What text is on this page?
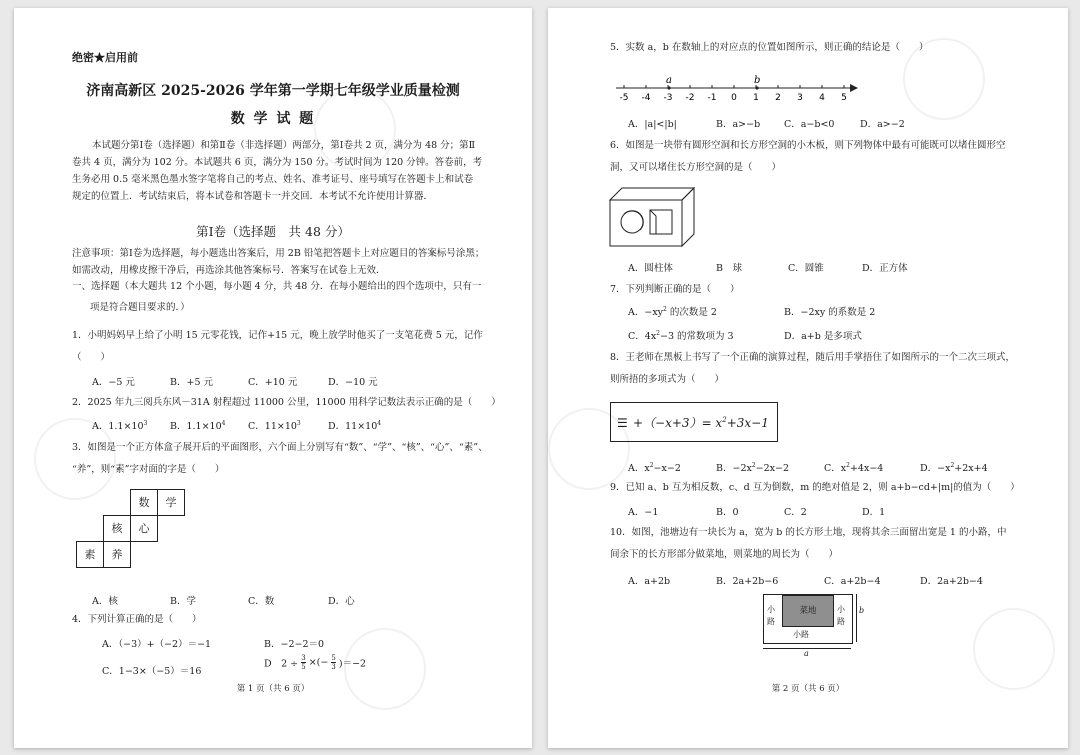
绝密★启用前
济南高新区 2025-2026 学年第一学期七年级学业质量检测
数 学 试 题
本试题分第Ⅰ卷（选择题）和第Ⅱ卷（非选择题）两部分，第Ⅰ卷共 2 页，满分为 48 分；第Ⅱ
卷共 4 页，满分为 102 分。本试题共 6 页，满分为 150 分。考试时间为 120 分钟。答卷前，考
生务必用 0.5 毫米黑色墨水签字笔将自己的考点、姓名、准考证号、座号填写在答题卡上和试卷
规定的位置上．考试结束后，将本试卷和答题卡一并交回．本考试不允许使用计算器．
第Ⅰ卷（选择题　共 48 分）
注意事项：第Ⅰ卷为选择题，每小题选出答案后，用 2B 铅笔把答题卡上对应题目的答案标号涂黑；
如需改动，用橡皮擦干净后，再选涂其他答案标号．答案写在试卷上无效．
一、选择题（本大题共 12 个小题，每小题 4 分，共 48 分．在每小题给出的四个选项中，只有一
项是符合题目要求的．）
1．小明妈妈早上给了小明 15 元零花钱，记作+15 元，晚上放学时他买了一支笔花费 5 元，记作
（　　）
A．−5 元	B．+5 元	C．+10 元	D．−10 元
2．2025 年九三阅兵东风－31A 射程超过 11000 公里，11000 用科学记数法表示正确的是（　　）
A．$1.1\times 10^3$ B．$1.1\times 10^4$ C．$11\times 10^3$	D．$11\times 10^4$
3．如图是一个正方体盒子展开后的平面图形，六个面上分别写有“数”、“学”、“核”、“心”、“素”、
“养”，则“素”字对面的字是（　　）
数	学
核	心
素	养
A．核	B．学	C．数	D．心
4．下列计算正确的是（　　）
A．（−3）+（−2）＝−1	B．−2−2＝0
C．1−3×（−5）＝16
D　$2 \div \frac{3}{5}$ ×(− $\frac{5}{3} )=-2$
第 1 页（共 6 页）
5．实数 a，b 在数轴上的对应点的位置如图所示，则正确的结论是（　　）
-5 -4 -3 -2 -1 0 1 2 3 4 5
a	b
A．|a|<|b|	B．a>−b	C．a−b<0	D．a>−2
6．如图是一块带有圆形空洞和长方形空洞的小木板，则下列物体中最有可能既可以堵住圆形空
洞，又可以堵住长方形空洞的是（　　）
A．圆柱体	B　球	C．圆锥	D．正方体
7．下列判断正确的是（　　）
A．$-xy^2$ 的次数是 2	B．−2xy 的系数是 2
C．$4x^2-3$ 的常数项为 3	D．a+b 是多项式
8．王老师在黑板上书写了一个正确的演算过程，随后用手掌捂住了如图所示的一个二次三项式，
则所捂的多项式为（　　）
☰ $+(-x+3)= x^2+3x-1$
A．$x^2-x-2$	B．$-2x^2-2x-2$	C．$x^2+4x-4$	D．$-x^2+2x+4$
9．已知 a、b 互为相反数，c、d 互为倒数，m 的绝对值是 2，则 a+b−cd+|m|的值为（　　）
A．−1	B．0	C．2	D．1
10．如图，池塘边有一块长为 a，宽为 b 的长方形土地，现将其余三面留出宽是 1 的小路，中
间余下的长方形部分做菜地，则菜地的周长为（　　）
A．a+2b	B．2a+2b−6	C．a+2b−4	D．2a+2b−4
菜地
小
路
小
路
小路
a
b
第 2 页（共 6 页）
